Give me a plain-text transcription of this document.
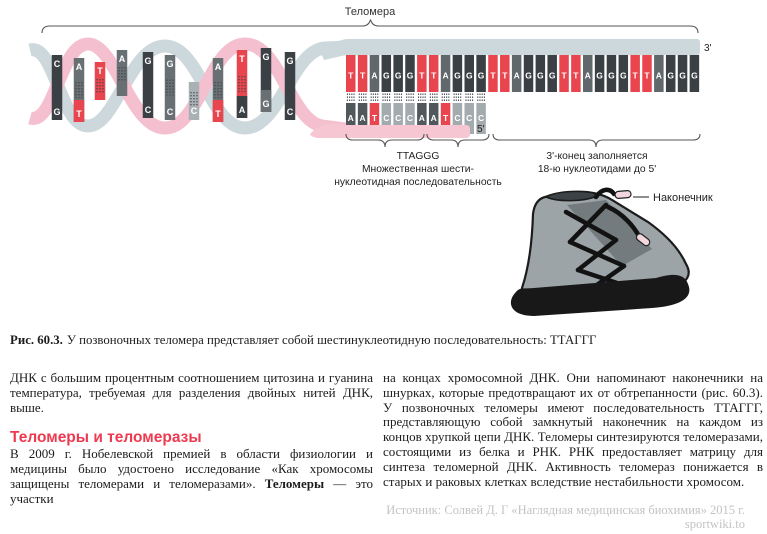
Теломера
C
G
A
T
T
A G
C
G
C C
A
T
T
A
G
G
G
C
A A T C C C A A T C C C
T T A G G G T T A G G G T T A G G G T T A G G G T T A G G G
3'
5'
TTAGGG
Множественная шести-
нуклеотидная последовательность
3'-конец заполняется
18-ю нуклеотидами до 5'
Наконечник
Рис. 60.3. У позвоночных теломера представляет собой шестинуклеотидную последовательность: ТТАГГГ

ДНК с большим процентным соотношением цитозина и гуанина температура, требуемая для разделения двойных нитей ДНК, выше.

Теломеры и теломеразы

В 2009 г. Нобелевской премией в области физиологии и медицины было удостоено исследование «Как хромосомы защищены теломерами и теломеразами». Теломеры — это участки

на концах хромосомной ДНК. Они напоминают наконечники на шнурках, которые предотвращают их от обтрепанности (рис. 60.3). У позвоночных теломеры имеют последовательность ТТАГГГ, представляющую собой замкнутый наконечник на каждом из концов хрупкой цепи ДНК. Теломеры синтезируются теломеразами, состоящими из белка и РНК. РНК предоставляет матрицу для синтеза теломерной ДНК. Активность теломераз понижается в старых и раковых клетках вследствие нестабильности хромосом.

Источник: Солвей Д. Г «Наглядная медицинская биохимия» 2015 г.
sportwiki.to
